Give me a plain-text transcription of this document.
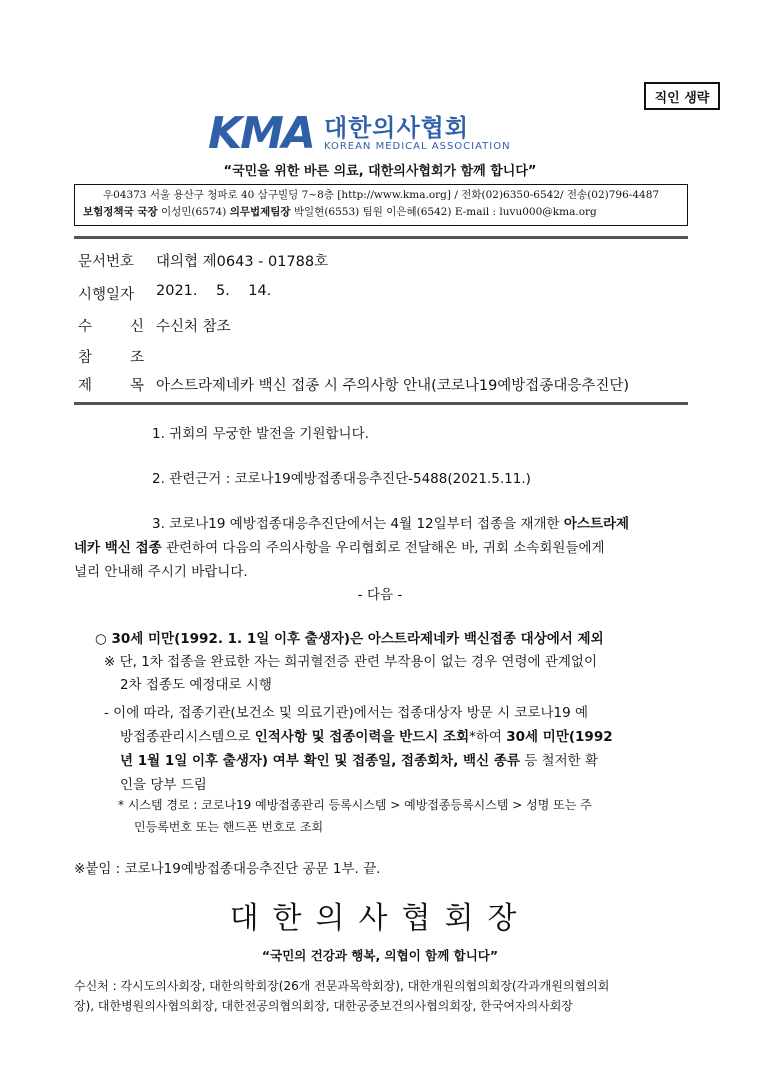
직인 생략
KMA 대한의사협회
KOREAN MEDICAL ASSOCIATION
“국민을 위한 바른 의료, 대한의사협회가 함께 합니다”
우04373 서울 용산구 청파로 40 삼구빌딩 7~8층 [http://www.kma.org] / 전화(02)6350-6542/ 전송(02)796-4487
보험정책국 국장 이성민(6574) 의무법제팀장 박일현(6553) 팀원 이은혜(6542) E-mail : luvu000@kma.org
문서번호	대의협 제0643 - 01788호
시행일자	2021.    5.    14.
수	신 수신처 참조
참	조
제	목 아스트라제네카 백신 접종 시 주의사항 안내(코로나19예방접종대응추진단)
1. 귀회의 무궁한 발전을 기원합니다.
2. 관련근거 : 코로나19예방접종대응추진단-5488(2021.5.11.)
3. 코로나19 예방접종대응추진단에서는 4월 12일부터 접종을 재개한 아스트라제
네카 백신 접종 관련하여 다음의 주의사항을 우리협회로 전달해온 바, 귀회 소속회원들에게
널리 안내해 주시기 바랍니다.
- 다음 -
○ 30세 미만(1992. 1. 1일 이후 출생자)은 아스트라제네카 백신접종 대상에서 제외
※ 단, 1차 접종을 완료한 자는 희귀혈전증 관련 부작용이 없는 경우 연령에 관계없이
2차 접종도 예정대로 시행
- 이에 따라, 접종기관(보건소 및 의료기관)에서는 접종대상자 방문 시 코로나19 예
방접종관리시스템으로 인적사항 및 접종이력을 반드시 조회*하여 30세 미만(1992
년 1월 1일 이후 출생자) 여부 확인 및 접종일, 접종회차, 백신 종류 등 철저한 확
인을 당부 드림
* 시스템 경로 : 코로나19 예방접종관리 등록시스템 > 예방접종등록시스템 > 성명 또는 주
민등록번호 또는 핸드폰 번호로 조회
※붙임 : 코로나19예방접종대응추진단 공문 1부. 끝.
대한의사협회장
“국민의 건강과 행복, 의협이 함께 합니다”
수신처 : 각시도의사회장, 대한의학회장(26개 전문과목학회장), 대한개원의협의회장(각과개원의협의회
장), 대한병원의사협의회장, 대한전공의협의회장, 대한공중보건의사협의회장, 한국여자의사회장
